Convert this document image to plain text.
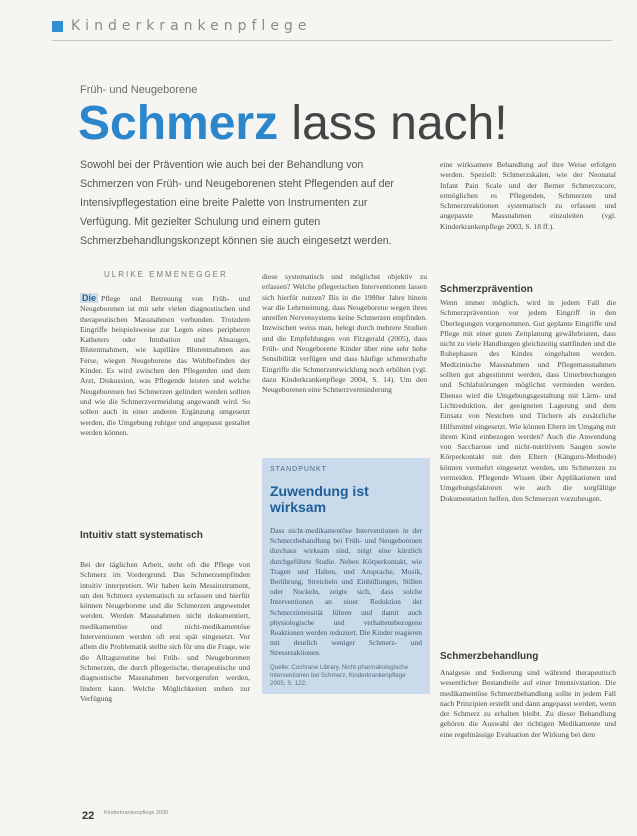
Kinderkrankenpflege
Früh- und Neugeborene
Schmerz lass nach!
Sowohl bei der Prävention wie auch bei der Behandlung von Schmerzen von Früh- und Neugeborenen steht Pflegenden auf der Intensivpflegestation eine breite Palette von Instrumenten zur Verfügung. Mit gezielter Schulung und einem guten Schmerzbehandlungskonzept können sie auch eingesetzt werden.
ULRIKE EMMENEGGER
Die Pflege und Betreuung von Früh- und Neugeborenen ist mit sehr vielen diagnostischen und therapeutischen Massnahmen verbunden. Trotzdem Eingriffe beispielsweise zur Legen eines peripheren Katheters oder Intubation und Absaugen, Blutentnahmen, wie kapilläre Blutentnahmen aus Ferse, wiegen Neugeborene das Wohlbefinden der Kinder. Es wird zwischen den Pflegenden und dem Arzt, Diskussion, was Pflegende leisten und welche Neugeborenen bei Schmerzen gelindert werden sollten und wie die Schmerzvermeidung angewandt wird. So sollen auch in einer anderen Ergänzung umgesetzt werden, die Umgebung ruhiger und angepasst gestaltet werden können.
Intuitiv statt systematisch
Bei der täglichen Arbeit, steht oft die Pflege von Schmerz im Vordergrund. Das Schmerzempfinden intuitiv interpretiert. Wir haben kein Messinstrument, um den Schmerz systematisch zu erfassen und hierfür können Neugeborene und die Schmerzen angewendet werden. Werden Massnahmen nicht dokumentiert, medikamentöse und nicht-medikamentöse Interventionen werden oft erst spät eingesetzt. Vor allem die Problematik stellte sich für uns die Frage, wie die Alltagsroutine bei Früh- und Neugeborenen Schmerzen, die durch pflegerische, therapeutische und diagnostische Massnahmen hervorgerufen werden, lindern kann. Welche Möglichkeiten stehen zur Verfügung
diese systematisch und möglichst objektiv zu erfassen? Welche pflegerischen Interventionen lassen sich hierfür nutzen? Bis in die 1980er Jahre hinein war die Lehrmeinung, dass Neugeborene wegen ihres unreifen Nervensystems keine Schmerzen empfinden. Inzwischen weiss man, belegt durch mehrere Studien und die Empfehlungen von Fitzgerald (2005), dass Früh- und Neugeborene Kinder über eine sehr hohe Sensibilität verfügen und dass häufige schmerzhafte Eingriffe die Schmerzentwicklung noch erhöhen (vgl. dazu Kinderkrankenpflege 2004, S. 14). Um den Neugeborenen eine Schmerzverminderung
STANDPUNKT
Zuwendung ist wirksam
Dass nicht-medikamentöse Interventionen in der Schmerzbehandlung bei Früh- und Neugeborenen durchaus wirksam sind, zeigt eine kürzlich durchgeführte Studie. Neben Körperkontakt, wie Tragen und Halten, und Ansprache, Musik, Berührung, Streicheln und Einhüllungen, Stillen oder Nuckeln, zeigte sich, dass solche Interventionen an einer Reduktion der Schmerzintensität führen und damit auch physiologische und verhaltensbezogene Reaktionen werden reduziert. Die Kinder reagieren mit deutlich weniger Schmerz- und Stressreaktionen.
Quelle: Cochrane Library. Nicht-pharmakologische Interventionen bei Schmerz, Kinderkrankenpflege 2005, S. 122.
eine wirksamere Behandlung auf ihre Weise erfolgen werden. Speziell: Schmerzskalen, wie der Neonatal Infant Pain Scale und der Berner Schmerzscore, ermöglichen es Pflegenden, Schmerzen und Schmerzreaktionen systematisch zu erfassen und angepasste Massnahmen einzuleiten (vgl. Kinderkrankenpflege 2003, S. 18 ff.).
Schmerzprävention
Wenn immer möglich, wird in jedem Fall die Schmerzprävention vor jedem Eingriff in den Überlegungen vorgenommen. Gut geplante Eingriffe und Pflege mit einer guten Zeitplanung gewährleisten, dass nicht zu viele Handlungen gleichzeitig stattfinden und die Ruhephasen des Kindes eingehalten werden. Medizinische Massnahmen und Pflegemassnahmen sollten gut abgestimmt werden, dass Unterbrechungen und Schlafstörungen möglichst vermieden werden. Ebenso wird die Umgebungsgestaltung mit Lärm- und Lichtreduktion, der geeigneten Lagerung und dem Einsatz von Nestchen und Tüchern als zusätzliche Hilfsmittel eingesetzt. Wie können Eltern im Umgang mit ihrem Kind einbezogen werden? Auch die Anwendung von Saccharose und nicht-nutritivem Saugen sowie Körperkontakt mit den Eltern (Känguru-Methode) können vermehrt eingesetzt werden, um Schmerzen zu vermeiden. Pflegende Wissen über Applikationen und Umgebungsfaktoren wie auch die sorgfältige Dokumentation helfen, den Schmerzen vorzubeugen.
Schmerzbehandlung
Analgesie und Sedierung sind während therapeutisch wesentlicher Bestandteile auf einer Intensivstation. Die medikamentöse Schmerzbehandlung sollte in jedem Fall nach Prinzipien erstellt und dann angepasst werden, wenn der Schmerz zu erhalten bleibt. Zu dieser Behandlung gehören die Auswahl der richtigen Medikamente und eine regelmässige Evaluation der Wirkung bei dem
22 Kinderkrankenpflege 2005
